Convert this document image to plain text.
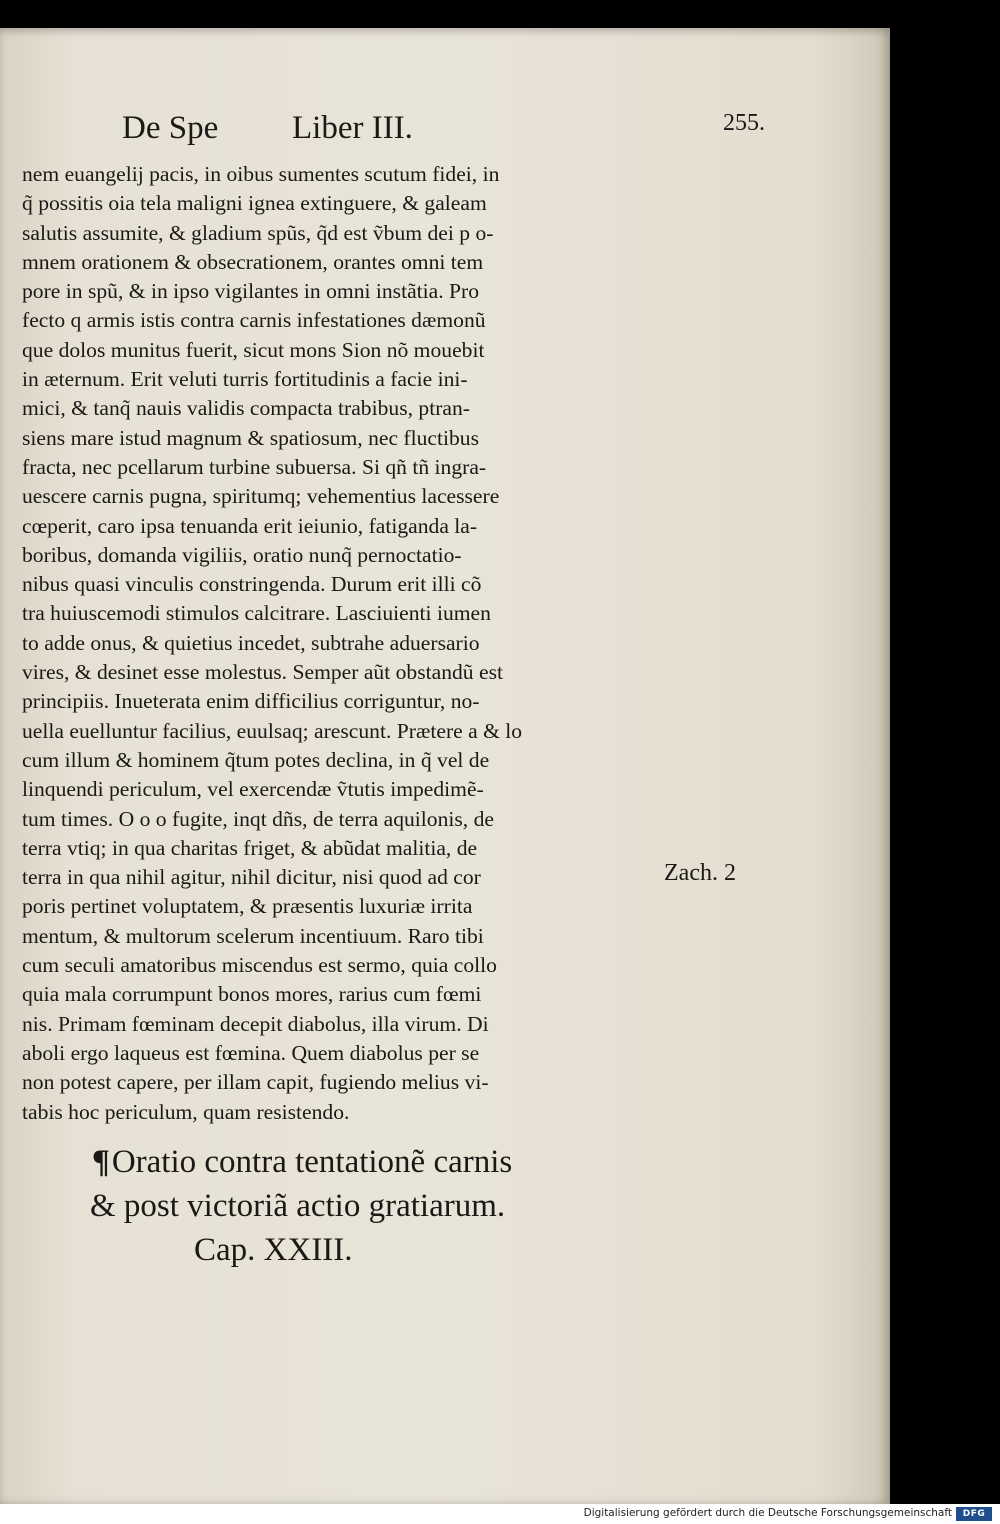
De Spe Liber III.	255.
nem euangelij pacis, in oibus sumentes scutum fidei, in
q̃ possitis oia tela maligni ignea extinguere, & galeam
salutis assumite, & gladium spũs, q̃d est ṽbum dei p o-
mnem orationem & obsecrationem, orantes omni tem
pore in spũ, & in ipso vigilantes in omni instãtia. Pro
fecto q armis istis contra carnis infestationes dæmonũ
que dolos munitus fuerit, sicut mons Sion nõ mouebit
in æternum. Erit veluti turris fortitudinis a facie ini-
mici, & tanq̃ nauis validis compacta trabibus, ptran-
siens mare istud magnum & spatiosum, nec fluctibus
fracta, nec pcellarum turbine subuersa. Si qñ tñ ingra-
uescere carnis pugna, spiritumq; vehementius lacessere
cœperit, caro ipsa tenuanda erit ieiunio, fatiganda la-
boribus, domanda vigiliis, oratio nunq̃ pernoctatio-
nibus quasi vinculis constringenda. Durum erit illi cõ
tra huiuscemodi stimulos calcitrare. Lasciuienti iumen
to adde onus, & quietius incedet, subtrahe aduersario
vires, & desinet esse molestus. Semper aũt obstandũ est
principiis. Inueterata enim difficilius corriguntur, no-
uella euelluntur facilius, euulsaq; arescunt. Prætere a & lo
cum illum & hominem q̃tum potes declina, in q̃ vel de
linquendi periculum, vel exercendæ ṽtutis impedimẽ-
tum times. O o o fugite, inqt dñs, de terra aquilonis, de
terra vtiq; in qua charitas friget, & abũdat malitia, de
terra in qua nihil agitur, nihil dicitur, nisi quod ad cor
poris pertinet voluptatem, & præsentis luxuriæ irrita
mentum, & multorum scelerum incentiuum. Raro tibi
cum seculi amatoribus miscendus est sermo, quia collo
quia mala corrumpunt bonos mores, rarius cum fœmi
nis. Primam fœminam decepit diabolus, illa virum. Di
aboli ergo laqueus est fœmina. Quem diabolus per se
non potest capere, per illam capit, fugiendo melius vi-
tabis hoc periculum, quam resistendo.
Zach. 2
¶Oratio contra tentationẽ carnis
& post victoriã actio gratiarum.
Cap. XXIII.
Digitalisierung gefördert durch die Deutsche Forschungsgemeinschaft	DFG
